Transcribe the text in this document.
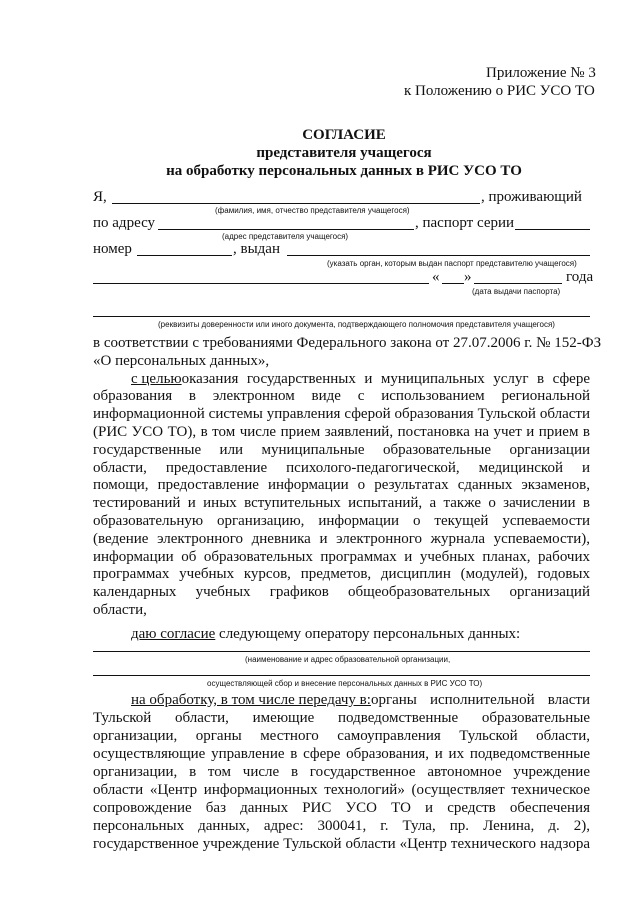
Приложение № 3
к Положению о РИС УСО ТО
СОГЛАСИЕ
представителя учащегося
на обработку персональных данных в РИС УСО ТО
Я,	, проживающий
(фамилия, имя, отчество представителя учащегося)
по адресу	, паспорт серии
(адрес представителя учащегося)
номер	, выдан
(указать орган, которым выдан паспорт представителю учащегося)
« »	года
(дата выдачи паспорта)
(реквизиты доверенности или иного документа, подтверждающего полномочия представителя учащегося)
в соответствии с требованиями Федерального закона от 27.07.2006 г. № 152-ФЗ
«О персональных данных»,
с целью оказания государственных и муниципальных услуг в сфере
образования в электронном виде с использованием региональной
информационной системы управления сферой образования Тульской области
(РИС УСО ТО), в том числе прием заявлений, постановка на учет и прием в
государственные или муниципальные образовательные организации
области, предоставление психолого-педагогической, медицинской и
помощи, предоставление информации о результатах сданных экзаменов,
тестирований и иных вступительных испытаний, а также о зачислении в
образовательную организацию, информации о текущей успеваемости
(ведение электронного дневника и электронного журнала успеваемости),
информации об образовательных программах и учебных планах, рабочих
программах учебных курсов, предметов, дисциплин (модулей), годовых
календарных учебных графиков общеобразовательных организаций
области,
даю согласие следующему оператору персональных данных:
(наименование и адрес образовательной организации,
осуществляющей сбор и внесение персональных данных в РИС УСО ТО)
на обработку, в том числе передачу в: органы исполнительной власти
Тульской области, имеющие подведомственные образовательные
организации, органы местного самоуправления Тульской области,
осуществляющие управление в сфере образования, и их подведомственные
организации, в том числе в государственное автономное учреждение
области «Центр информационных технологий» (осуществляет техническое
сопровождение баз данных РИС УСО ТО и средств обеспечения
персональных данных, адрес: 300041, г. Тула, пр. Ленина, д. 2),
государственное учреждение Тульской области «Центр технического надзора
